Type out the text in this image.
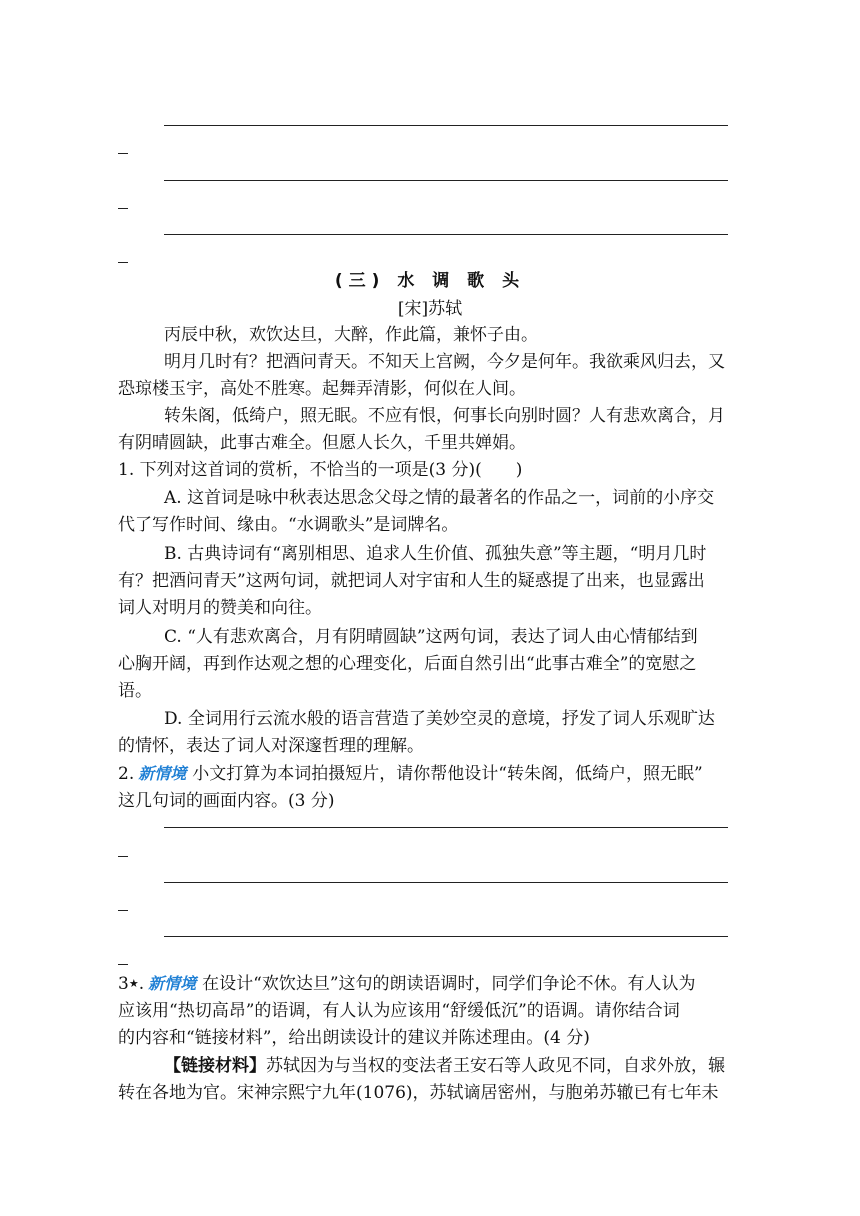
(三) 水 调 歌 头
[宋]苏轼
丙辰中秋，欢饮达旦，大醉，作此篇，兼怀子由。
明月几时有？把酒问青天。不知天上宫阙，今夕是何年。我欲乘风归去，又
恐琼楼玉宇，高处不胜寒。起舞弄清影，何似在人间。
转朱阁，低绮户，照无眠。不应有恨，何事长向别时圆？人有悲欢离合，月
有阴晴圆缺，此事古难全。但愿人长久，千里共婵娟。
1. 下列对这首词的赏析，不恰当的一项是(3 分)(　　)
A. 这首词是咏中秋表达思念父母之情的最著名的作品之一，词前的小序交
代了写作时间、缘由。“水调歌头”是词牌名。
B. 古典诗词有“离别相思、追求人生价值、孤独失意”等主题，“明月几时
有？把酒问青天”这两句词，就把词人对宇宙和人生的疑惑提了出来，也显露出
词人对明月的赞美和向往。
C. “人有悲欢离合，月有阴晴圆缺”这两句词，表达了词人由心情郁结到
心胸开阔，再到作达观之想的心理变化，后面自然引出“此事古难全”的宽慰之
语。
D. 全词用行云流水般的语言营造了美妙空灵的意境，抒发了词人乐观旷达
的情怀，表达了词人对深邃哲理的理解。
2. 新情境 小文打算为本词拍摄短片，请你帮他设计“转朱阁，低绮户，照无眠”
这几句词的画面内容。(3 分)
3★. 新情境 在设计“欢饮达旦”这句的朗读语调时，同学们争论不休。有人认为
应该用“热切高昂”的语调，有人认为应该用“舒缓低沉”的语调。请你结合词
的内容和“链接材料”，给出朗读设计的建议并陈述理由。(4 分)
【链接材料】苏轼因为与当权的变法者王安石等人政见不同，自求外放，辗
转在各地为官。宋神宗熙宁九年(1076)，苏轼谪居密州，与胞弟苏辙已有七年未
